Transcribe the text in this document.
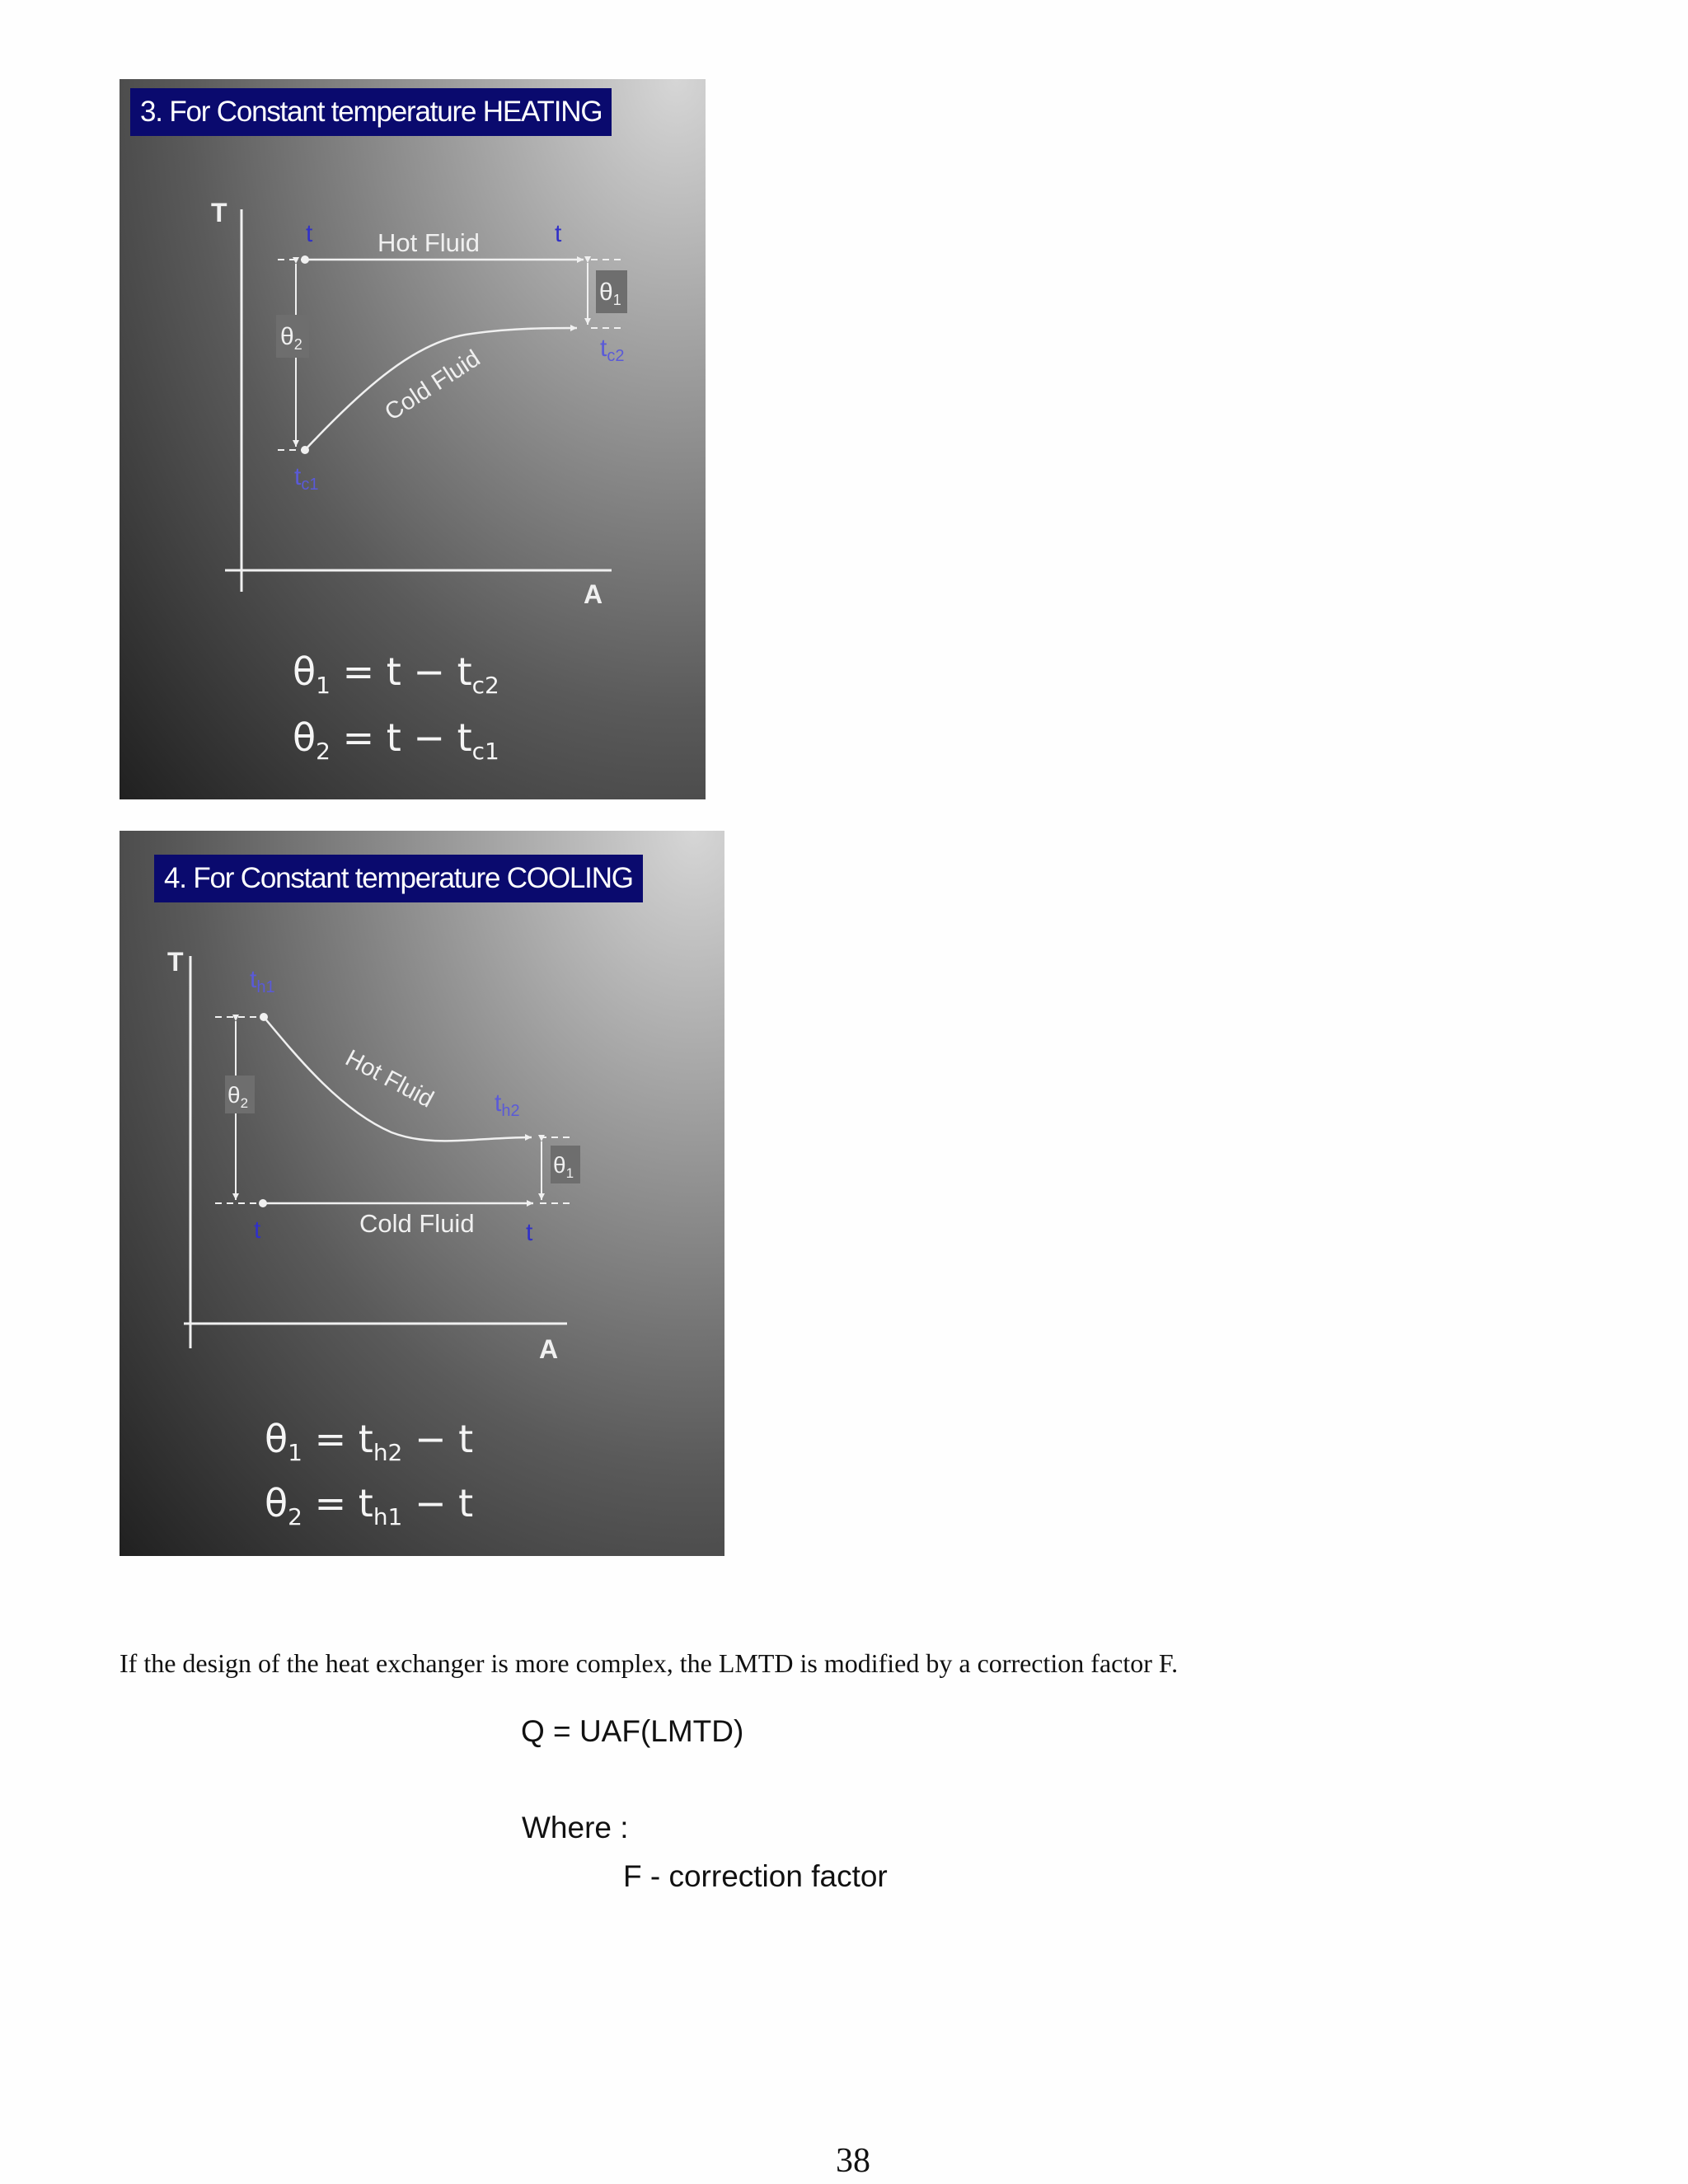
3. For Constant temperature HEATING
T
A
Hot Fluid
t	t
Cold Fluid
$\theta_2$
$\theta_1$
$t_{c2}$
$t_{c1}$
$\theta_1 = t - t_{c2}$
$\theta_2 = t - t_{c1}$
4. For Constant temperature COOLING
T
A
Hot Fluid
Cold Fluid
t	t
$t_{h1}$
$t_{h2}$
$\theta_2$
$\theta_1$
$\theta_1 = t_{h2} - t$
$\theta_2 = t_{h1} - t$
If the design of the heat exchanger is more complex, the LMTD is modified by a correction factor F.
Q = UAF(LMTD)
Where :
F - correction factor
38
